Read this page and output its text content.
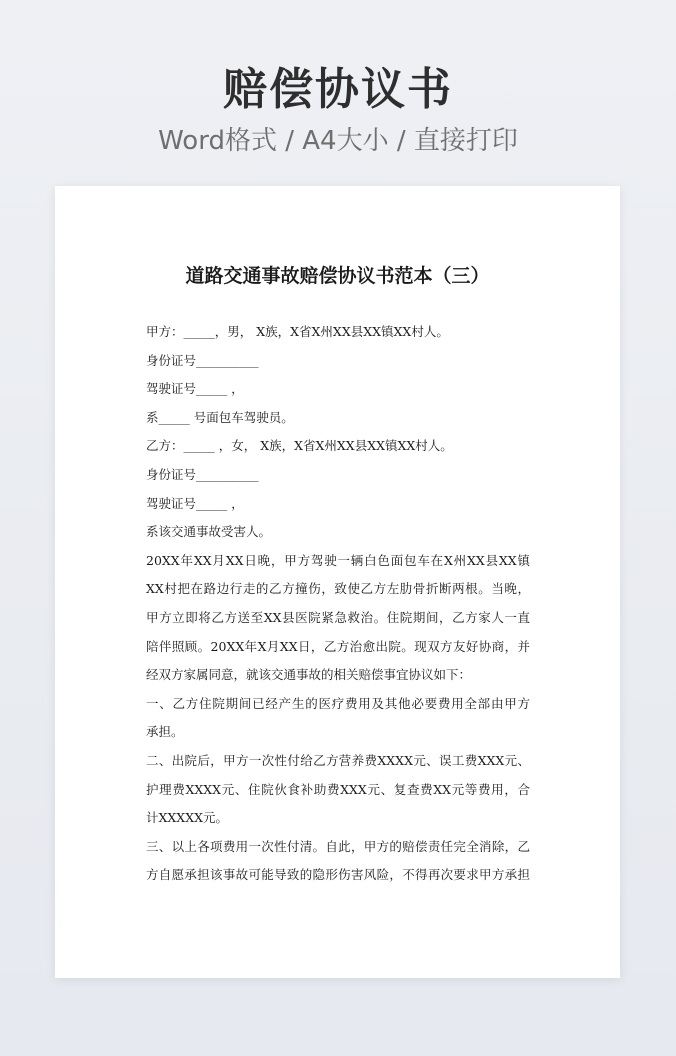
赔偿协议书
Word格式 / A4大小 / 直接打印
道路交通事故赔偿协议书范本（三）
甲方：_____，男， X族，X省X州XX县XX镇XX村人。
身份证号__________
驾驶证号_____ ，
系_____ 号面包车驾驶员。
乙方：_____ ，女， X族，X省X州XX县XX镇XX村人。
身份证号__________
驾驶证号_____ ，
系该交通事故受害人。
20XX年XX月XX日晚，甲方驾驶一辆白色面包车在X州XX县XX镇
XX村把在路边行走的乙方撞伤，致使乙方左肋骨折断两根。当晚，
甲方立即将乙方送至XX县医院紧急救治。住院期间，乙方家人一直
陪伴照顾。20XX年X月XX日，乙方治愈出院。现双方友好协商，并
经双方家属同意，就该交通事故的相关赔偿事宜协议如下：
一、乙方住院期间已经产生的医疗费用及其他必要费用全部由甲方
承担。
二、出院后，甲方一次性付给乙方营养费XXXX元、误工费XXX元、
护理费XXXX元、住院伙食补助费XXX元、复查费XX元等费用，合
计XXXXX元。
三、以上各项费用一次性付清。自此，甲方的赔偿责任完全消除，乙
方自愿承担该事故可能导致的隐形伤害风险，不得再次要求甲方承担
